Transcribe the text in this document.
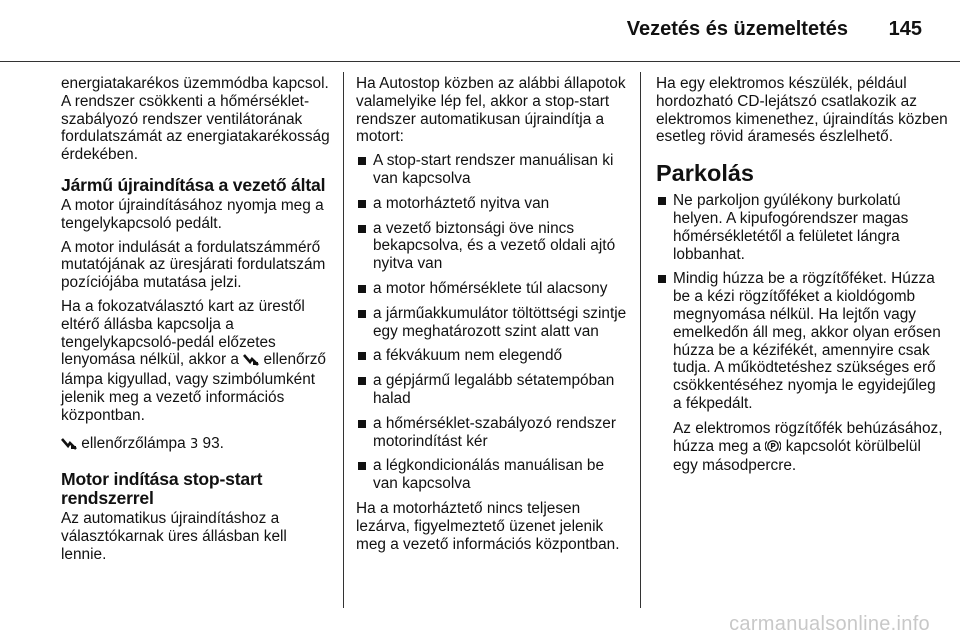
Vezetés és üzemeltetés 145

energiatakarékos üzemmódba kapcsol. A rendszer csökkenti a hőmérséklet-szabályozó rendszer ventilátorának fordulatszámát az energiatakarékosság érdekében.

Jármű újraindítása a vezető által

A motor újraindításához nyomja meg a tengelykapcsoló pedált.

A motor indulását a fordulatszámmérő mutatójának az üresjárati fordulatszám pozíciójába mutatása jelzi.

Ha a fokozatválasztó kart az ürestől eltérő állásba kapcsolja a tengelykapcsoló-pedál előzetes lenyomása nélkül, akkor a ellenőrző lámpa kigyullad, vagy szimbólumként jelenik meg a vezető információs központban.

ellenőrzőlámpa 3 93.

Motor indítása stop-start rendszerrel

Az automatikus újraindításhoz a választókarnak üres állásban kell lennie.

Ha Autostop közben az alábbi állapotok valamelyike lép fel, akkor a stop-start rendszer automatikusan újraindítja a motort:

A stop-start rendszer manuálisan ki van kapcsolva
a motorháztető nyitva van
a vezető biztonsági öve nincs bekapcsolva, és a vezető oldali ajtó nyitva van
a motor hőmérséklete túl alacsony
a járműakkumulátor töltöttségi szintje egy meghatározott szint alatt van
a fékvákuum nem elegendő
a gépjármű legalább sétatempóban halad
a hőmérséklet-szabályozó rendszer motorindítást kér
a légkondicionálás manuálisan be van kapcsolva

Ha a motorháztető nincs teljesen lezárva, figyelmeztető üzenet jelenik meg a vezető információs központban.

Ha egy elektromos készülék, például hordozható CD-lejátszó csatlakozik az elektromos kimenethez, újraindítás közben esetleg rövid áramesés észlelhető.

Parkolás
Ne parkoljon gyúlékony burkolatú helyen. A kipufogórendszer magas hőmérsékletétől a felületet lángra lobbanhat.
Mindig húzza be a rögzítőféket. Húzza be a kézi rögzítőféket a kioldógomb megnyomása nélkül. Ha lejtőn vagy emelkedőn áll meg, akkor olyan erősen húzza be a kézifékét, amennyire csak tudja. A működtetéshez szükséges erő csökkentéséhez nyomja le egyidejűleg a fékpedált.

Az elektromos rögzítőfék behúzásához, húzza meg a P kapcsolót körülbelül egy másodpercre.

carmanualsonline.info
